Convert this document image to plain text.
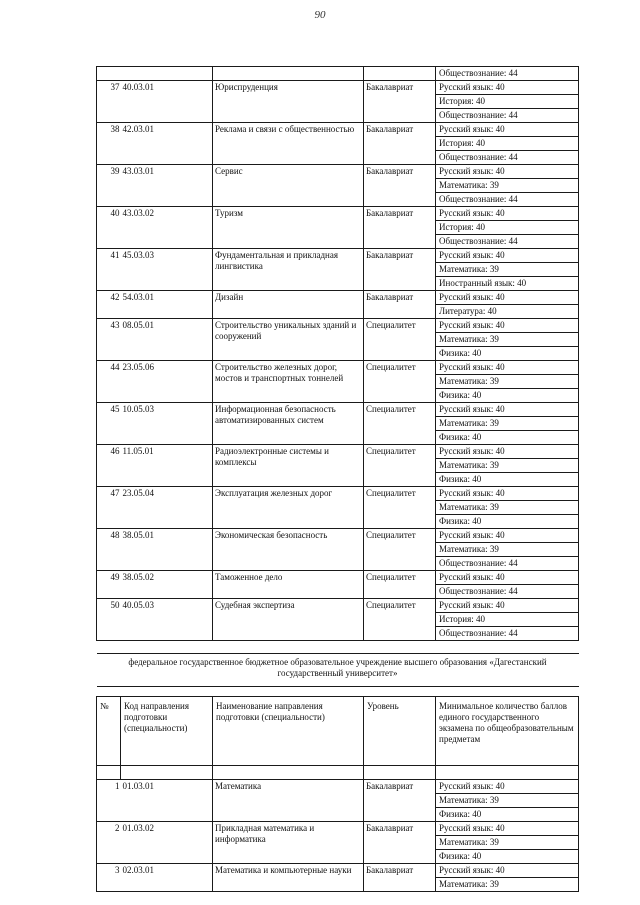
90
				Обществознание: 44
37	40.03.01	Юриспруденция	Бакалавриат	Русский язык: 40
				История: 40
				Обществознание: 44
38	42.03.01	Реклама и связи с общественностью	Бакалавриат	Русский язык: 40
				История: 40
				Обществознание: 44
39	43.03.01	Сервис	Бакалавриат	Русский язык: 40
				Математика: 39
				Обществознание: 44
40	43.03.02	Туризм	Бакалавриат	Русский язык: 40
				История: 40
				Обществознание: 44
41	45.03.03	Фундаментальная и прикладная лингвистика	Бакалавриат	Русский язык: 40
				Математика: 39
				Иностранный язык: 40
42	54.03.01	Дизайн	Бакалавриат	Русский язык: 40
				Литература: 40
43	08.05.01	Строительство уникальных зданий и сооружений	Специалитет	Русский язык: 40
				Математика: 39
				Физика: 40
44	23.05.06	Строительство железных дорог, мостов и транспортных тоннелей	Специалитет	Русский язык: 40
				Математика: 39
				Физика: 40
45	10.05.03	Информационная безопасность автоматизированных систем	Специалитет	Русский язык: 40
				Математика: 39
				Физика: 40
46	11.05.01	Радиоэлектронные системы и комплексы	Специалитет	Русский язык: 40
				Математика: 39
				Физика: 40
47	23.05.04	Эксплуатация железных дорог	Специалитет	Русский язык: 40
				Математика: 39
				Физика: 40
48	38.05.01	Экономическая безопасность	Специалитет	Русский язык: 40
				Математика: 39
				Обществознание: 44
49	38.05.02	Таможенное дело	Специалитет	Русский язык: 40
				Обществознание: 44
50	40.05.03	Судебная экспертиза	Специалитет	Русский язык: 40
				История: 40
				Обществознание: 44

федеральное государственное бюджетное образовательное учреждение высшего образования «Дагестанский государственный университет»				

№	Код направления подготовки (специальности)	Наименование направления подготовки (специальности)	Уровень	Минимальное количество баллов единого государственного экзамена по общеобразовательным предметам

1	01.03.01	Математика	Бакалавриат	Русский язык: 40
				Математика: 39
				Физика: 40
2	01.03.02	Прикладная математика и информатика	Бакалавриат	Русский язык: 40
				Математика: 39
				Физика: 40
3	02.03.01	Математика и компьютерные науки	Бакалавриат	Русский язык: 40
				Математика: 39
